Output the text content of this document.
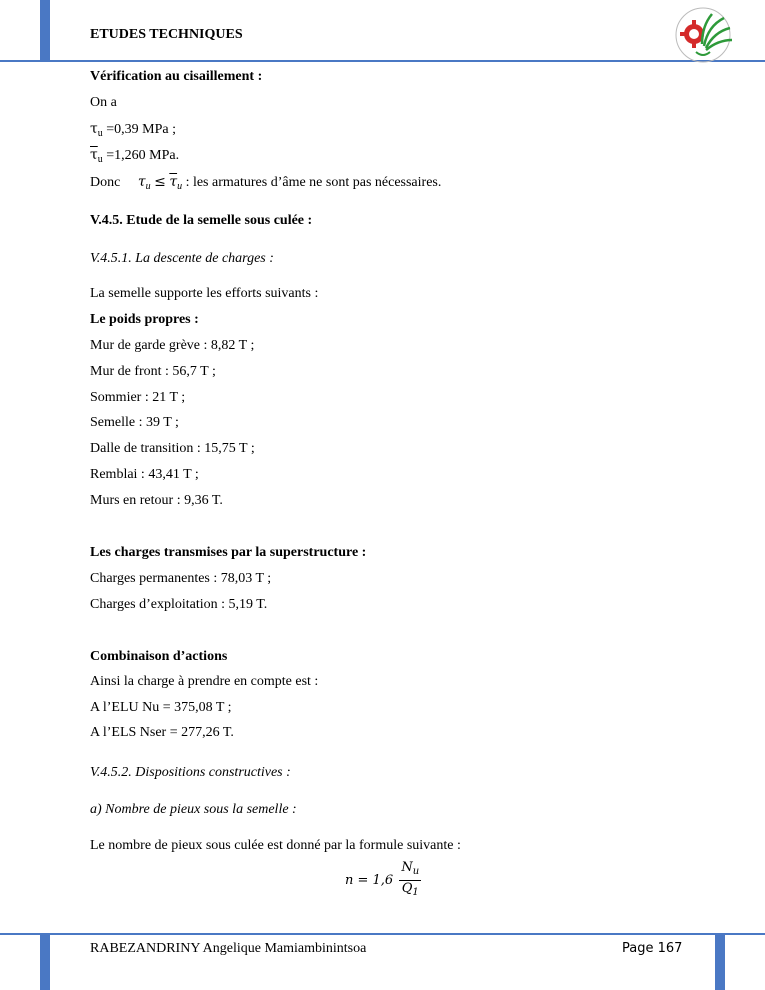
ETUDES TECHNIQUES
Vérification au cisaillement :
On a
$\tau_u =0,39$ MPa ;
$\overline{\tau}_u =1,260$ MPa.
Donc $\tau_u \le \overline{\tau}_u$ : les armatures d’âme ne sont pas nécessaires.
V.4.5. Etude de la semelle sous culée :
V.4.5.1. La descente de charges :
La semelle supporte les efforts suivants :
Le poids propres :
Mur de garde grève : 8,82 T ;
Mur de front : 56,7 T ;
Sommier : 21 T ;
Semelle : 39 T ;
Dalle de transition : 15,75 T ;
Remblai : 43,41 T ;
Murs en retour : 9,36 T.
Les charges transmises par la superstructure :
Charges permanentes : 78,03 T ;
Charges d’exploitation : 5,19 T.
Combinaison d’actions
Ainsi la charge à prendre en compte est :
A l’ELU Nu = 375,08 T ;
A l’ELS Nser = 277,26 T.
V.4.5.2. Dispositions constructives :
a) Nombre de pieux sous la semelle :
Le nombre de pieux sous culée est donné par la formule suivante :
$n = 1,6 \frac{N_u}{Q_1}$
RABEZANDRINY Angelique Mamiambinintsoa	Page 167
